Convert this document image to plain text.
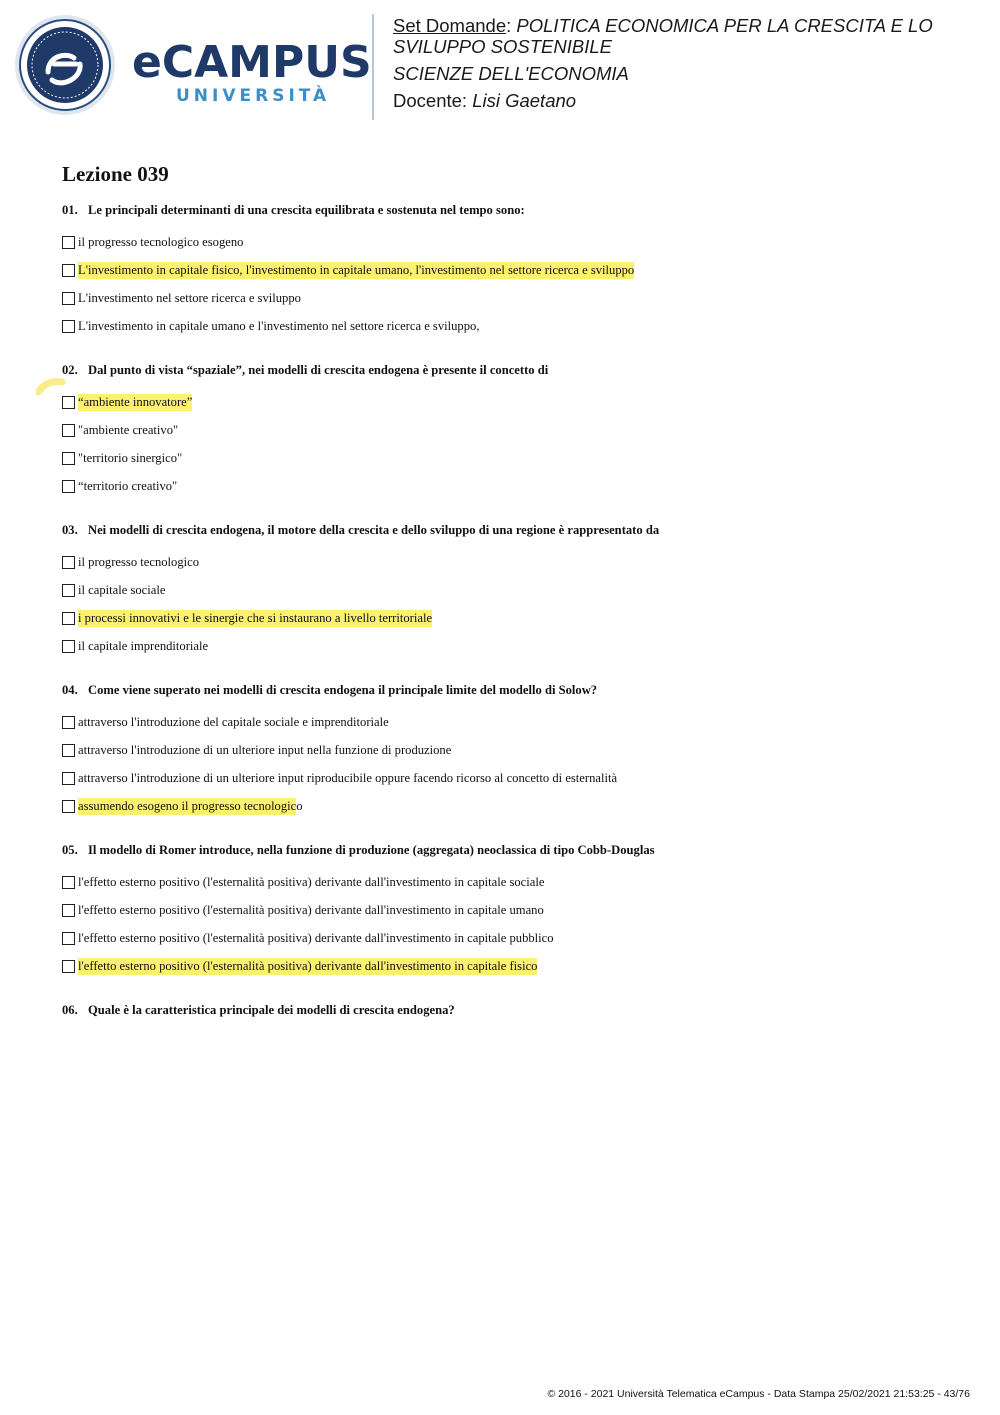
eCAMPUS
UNIVERSITÀ
Set Domande: POLITICA ECONOMICA PER LA CRESCITA E LO
SVILUPPO SOSTENIBILE
SCIENZE DELL'ECONOMIA
Docente: Lisi Gaetano
Lezione 039
01. Le principali determinanti di una crescita equilibrata e sostenuta nel tempo sono:
il progresso tecnologico esogeno
L'investimento in capitale fisico, l'investimento in capitale umano, l'investimento nel settore ricerca e sviluppo
L'investimento nel settore ricerca e sviluppo
L'investimento in capitale umano e l'investimento nel settore ricerca e sviluppo,
02. Dal punto di vista “spaziale”, nei modelli di crescita endogena è presente il concetto di
“ambiente innovatore”
"ambiente creativo"
"territorio sinergico"
“territorio creativo"
03. Nei modelli di crescita endogena, il motore della crescita e dello sviluppo di una regione è rappresentato da
il progresso tecnologico
il capitale sociale
i processi innovativi e le sinergie che si instaurano a livello territoriale
il capitale imprenditoriale
04. Come viene superato nei modelli di crescita endogena il principale limite del modello di Solow?
attraverso l'introduzione del capitale sociale e imprenditoriale
attraverso l'introduzione di un ulteriore input nella funzione di produzione
attraverso l'introduzione di un ulteriore input riproducibile oppure facendo ricorso al concetto di esternalità
assumendo esogeno il progresso tecnologic o
05. Il modello di Romer introduce, nella funzione di produzione (aggregata) neoclassica di tipo Cobb-Douglas
l'effetto esterno positivo (l'esternalità positiva) derivante dall'investimento in capitale sociale
l'effetto esterno positivo (l'esternalità positiva) derivante dall'investimento in capitale umano
l'effetto esterno positivo (l'esternalità positiva) derivante dall'investimento in capitale pubblico
l'effetto esterno positivo (l'esternalità positiva) derivante dall'investimento in capitale fisico
06. Quale è la caratteristica principale dei modelli di crescita endogena?
© 2016 - 2021 Università Telematica eCampus - Data Stampa 25/02/2021 21:53:25 - 43/76
